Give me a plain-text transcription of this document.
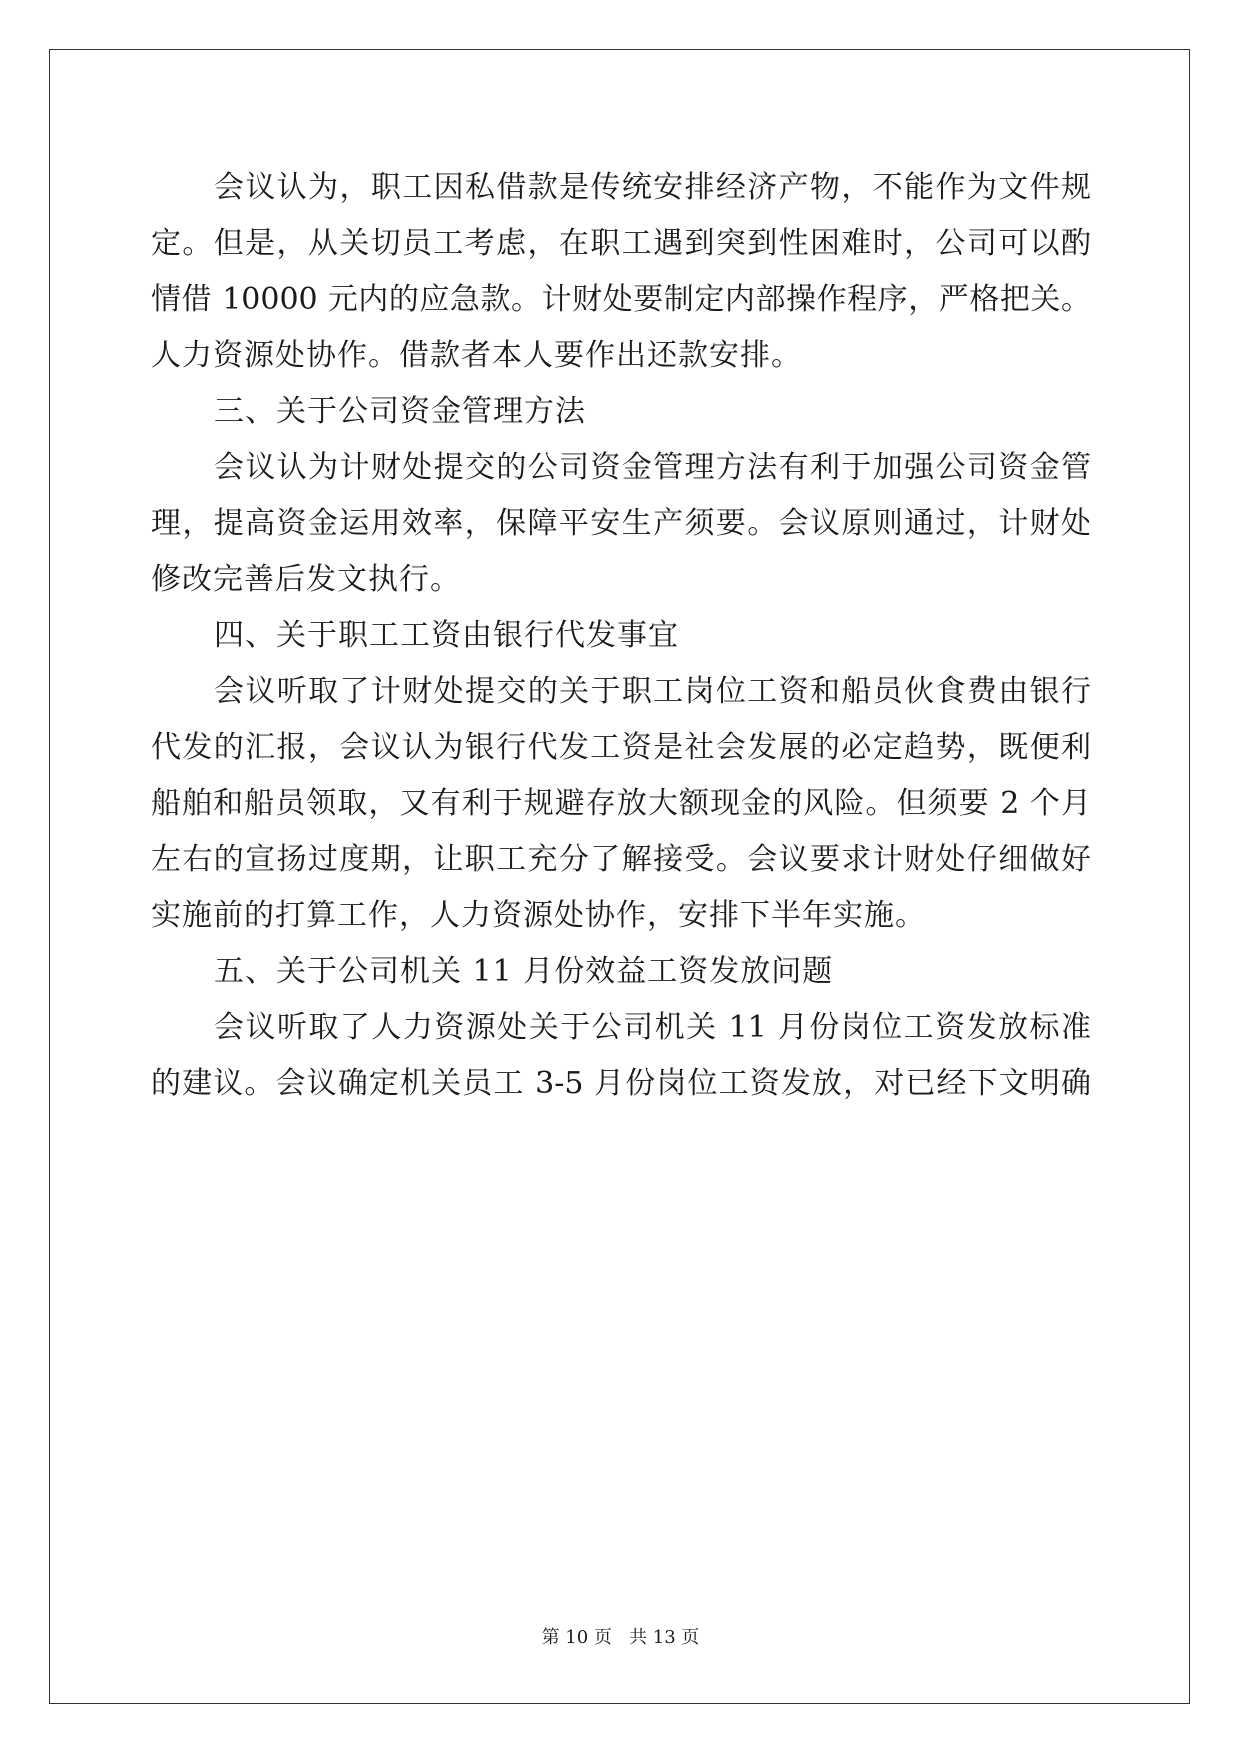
会议认为，职工因私借款是传统安排经济产物，不能作为文件规
定。但是，从关切员工考虑，在职工遇到突到性困难时，公司可以酌
情借 10000 元内的应急款。计财处要制定内部操作程序，严格把关。
人力资源处协作。借款者本人要作出还款安排。
三、关于公司资金管理方法
会议认为计财处提交的公司资金管理方法有利于加强公司资金管
理，提高资金运用效率，保障平安生产须要。会议原则通过，计财处
修改完善后发文执行。
四、关于职工工资由银行代发事宜
会议听取了计财处提交的关于职工岗位工资和船员伙食费由银行
代发的汇报，会议认为银行代发工资是社会发展的必定趋势，既便利
船舶和船员领取，又有利于规避存放大额现金的风险。但须要 2 个月
左右的宣扬过度期，让职工充分了解接受。会议要求计财处仔细做好
实施前的打算工作，人力资源处协作，安排下半年实施。
五、关于公司机关 11 月份效益工资发放问题
会议听取了人力资源处关于公司机关 11 月份岗位工资发放标准
的建议。会议确定机关员工 3-5 月份岗位工资发放，对已经下文明确
第 10 页   共 13 页
